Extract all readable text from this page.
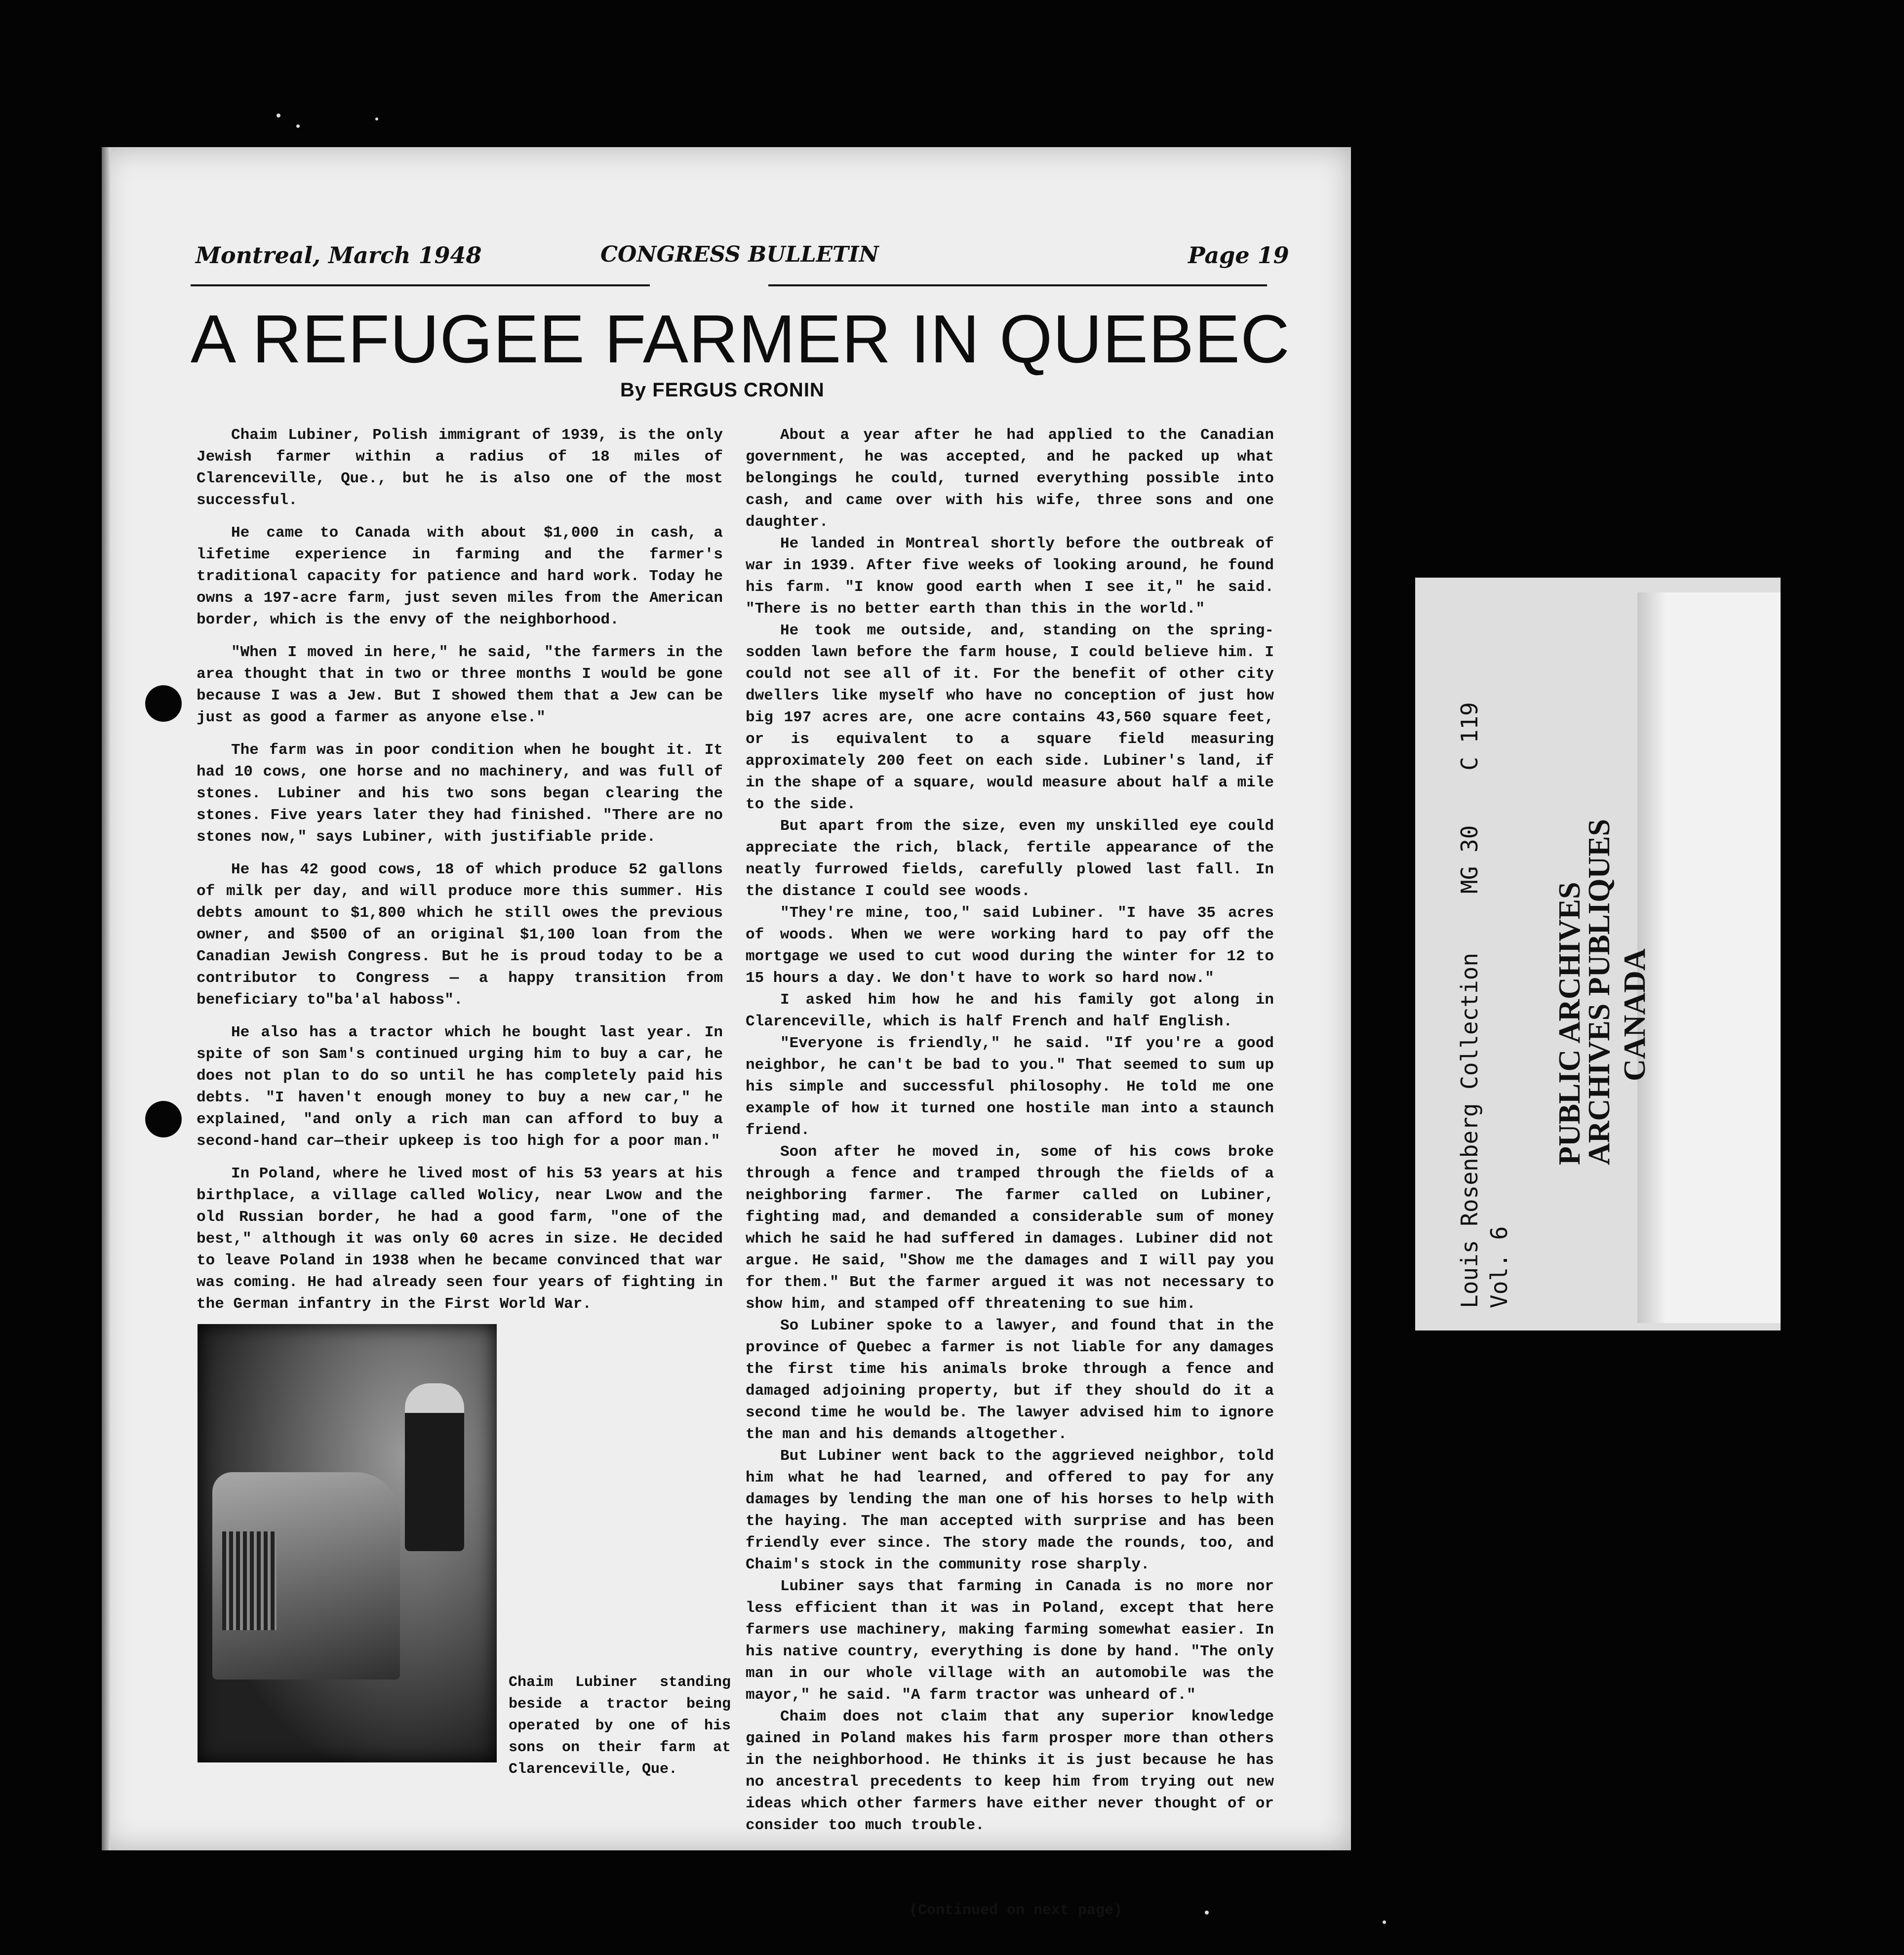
Montreal, March 1948	CONGRESS BULLETIN	Page 19
A REFUGEE FARMER IN QUEBEC
By FERGUS CRONIN

Chaim Lubiner, Polish immigrant of 1939, is the only Jewish farmer within a radius of 18 miles of Clarenceville, Que., but he is also one of the most successful.

He came to Canada with about $1,000 in cash, a lifetime experience in farming and the farmer's traditional capacity for patience and hard work. Today he owns a 197-acre farm, just seven miles from the American border, which is the envy of the neighborhood.

"When I moved in here," he said, "the farmers in the area thought that in two or three months I would be gone because I was a Jew. But I showed them that a Jew can be just as good a farmer as anyone else."

The farm was in poor condition when he bought it. It had 10 cows, one horse and no machinery, and was full of stones. Lubiner and his two sons began clearing the stones. Five years later they had finished. "There are no stones now," says Lubiner, with justifiable pride.

He has 42 good cows, 18 of which produce 52 gallons of milk per day, and will produce more this summer. His debts amount to $1,800 which he still owes the previous owner, and $500 of an original $1,100 loan from the Canadian Jewish Congress. But he is proud today to be a contributor to Congress — a happy transition from beneficiary to"ba'al haboss".

He also has a tractor which he bought last year. In spite of son Sam's continued urging him to buy a car, he does not plan to do so until he has completely paid his debts. "I haven't enough money to buy a new car," he explained, "and only a rich man can afford to buy a second-hand car—their upkeep is too high for a poor man."

In Poland, where he lived most of his 53 years at his birthplace, a village called Wolicy, near Lwow and the old Russian border, he had a good farm, "one of the best," although it was only 60 acres in size. He decided to leave Poland in 1938 when he became convinced that war was coming. He had already seen four years of fighting in the German infantry in the First World War.

About a year after he had applied to the Canadian government, he was accepted, and he packed up what belongings he could, turned everything possible into cash, and came over with his wife, three sons and one daughter.

He landed in Montreal shortly before the outbreak of war in 1939. After five weeks of looking around, he found his farm. "I know good earth when I see it," he said. "There is no better earth than this in the world."

He took me outside, and, standing on the spring-sodden lawn before the farm house, I could believe him. I could not see all of it. For the benefit of other city dwellers like myself who have no conception of just how big 197 acres are, one acre contains 43,560 square feet, or is equivalent to a square field measuring approximately 200 feet on each side. Lubiner's land, if in the shape of a square, would measure about half a mile to the side.

But apart from the size, even my unskilled eye could appreciate the rich, black, fertile appearance of the neatly furrowed fields, carefully plowed last fall. In the distance I could see woods.

"They're mine, too," said Lubiner. "I have 35 acres of woods. When we were working hard to pay off the mortgage we used to cut wood during the winter for 12 to 15 hours a day. We don't have to work so hard now."

I asked him how he and his family got along in Clarenceville, which is half French and half English.

"Everyone is friendly," he said. "If you're a good neighbor, he can't be bad to you." That seemed to sum up his simple and successful philosophy. He told me one example of how it turned one hostile man into a staunch friend.

Soon after he moved in, some of his cows broke through a fence and tramped through the fields of a neighboring farmer. The farmer called on Lubiner, fighting mad, and demanded a considerable sum of money which he said he had suffered in damages. Lubiner did not argue. He said, "Show me the damages and I will pay you for them." But the farmer argued it was not necessary to show him, and stamped off threatening to sue him.

So Lubiner spoke to a lawyer, and found that in the province of Quebec a farmer is not liable for any damages the first time his animals broke through a fence and damaged adjoining property, but if they should do it a second time he would be. The lawyer advised him to ignore the man and his demands altogether.

But Lubiner went back to the aggrieved neighbor, told him what he had learned, and offered to pay for any damages by lending the man one of his horses to help with the haying. The man accepted with surprise and has been friendly ever since. The story made the rounds, too, and Chaim's stock in the community rose sharply.

Lubiner says that farming in Canada is no more nor less efficient than it was in Poland, except that here farmers use machinery, making farming somewhat easier. In his native country, everything is done by hand. "The only man in our whole village with an automobile was the mayor," he said. "A farm tractor was unheard of."

Chaim does not claim that any superior knowledge gained in Poland makes his farm prosper more than others in the neighborhood. He thinks it is just because he has no ancestral precedents to keep him from trying out new ideas which other farmers have either never thought of or consider too much trouble.

Chaim Lubiner standing beside a tractor being operated by one of his sons on their farm at Clarenceville, Que.
(Continued on next page)
Louis Rosenberg Collection Vol. 6
MG 30    C 119
PUBLIC ARCHIVES
ARCHIVES PUBLIQUES CANADA
